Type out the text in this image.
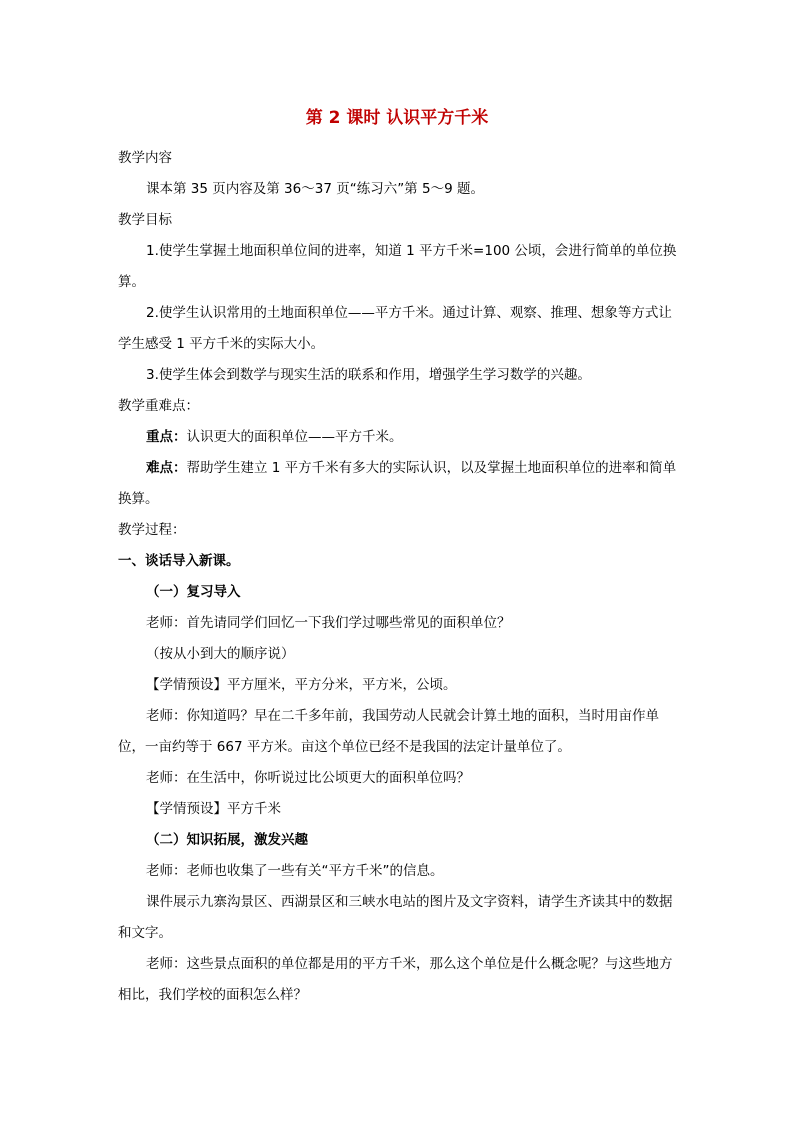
第 2 课时 认识平方千米

教学内容

课本第 35 页内容及第 36～37 页“练习六”第 5～9 题。

教学目标

1.使学生掌握土地面积单位间的进率，知道 1 平方千米=100 公顷，会进行简单的单位换算。

2.使学生认识常用的土地面积单位——平方千米。通过计算、观察、推理、想象等方式让学生感受 1 平方千米的实际大小。

3.使学生体会到数学与现实生活的联系和作用，增强学生学习数学的兴趣。

教学重难点：

重点：认识更大的面积单位——平方千米。

难点：帮助学生建立 1 平方千米有多大的实际认识，以及掌握土地面积单位的进率和简单换算。

教学过程：

一、谈话导入新课。

（一）复习导入

老师：首先请同学们回忆一下我们学过哪些常见的面积单位？

（按从小到大的顺序说）

【学情预设】平方厘米，平方分米，平方米，公顷。

老师：你知道吗？早在二千多年前，我国劳动人民就会计算土地的面积，当时用亩作单位，一亩约等于 667 平方米。亩这个单位已经不是我国的法定计量单位了。

老师：在生活中，你听说过比公顷更大的面积单位吗？

【学情预设】平方千米

（二）知识拓展，激发兴趣

老师：老师也收集了一些有关“平方千米”的信息。

课件展示九寨沟景区、西湖景区和三峡水电站的图片及文字资料，请学生齐读其中的数据和文字。

老师：这些景点面积的单位都是用的平方千米，那么这个单位是什么概念呢？与这些地方相比，我们学校的面积怎么样？
